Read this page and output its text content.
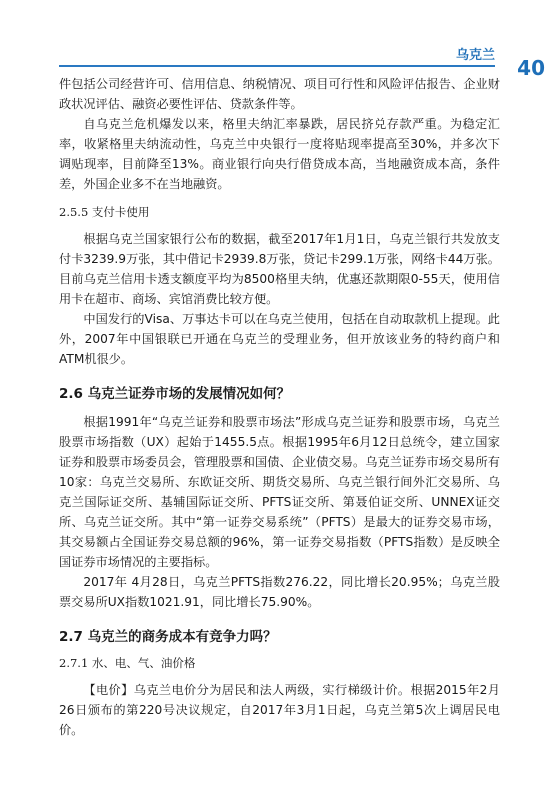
乌克兰
40

件包括公司经营许可、信用信息、纳税情况、项目可行性和风险评估报告、企业财政状况评估、融资必要性评估、贷款条件等。

自乌克兰危机爆发以来，格里夫纳汇率暴跌，居民挤兑存款严重。为稳定汇率，收紧格里夫纳流动性，乌克兰中央银行一度将贴现率提高至30%，并多次下调贴现率，目前降至13%。商业银行向央行借贷成本高，当地融资成本高，条件差，外国企业多不在当地融资。

2.5.5 支付卡使用

根据乌克兰国家银行公布的数据，截至2017年1月1日，乌克兰银行共发放支付卡3239.9万张，其中借记卡2939.8万张，贷记卡299.1万张，网络卡44万张。目前乌克兰信用卡透支额度平均为8500格里夫纳，优惠还款期限0-55天，使用信用卡在超市、商场、宾馆消费比较方便。

中国发行的Visa、万事达卡可以在乌克兰使用，包括在自动取款机上提现。此外，2007年中国银联已开通在乌克兰的受理业务，但开放该业务的特约商户和ATM机很少。

2.6 乌克兰证券市场的发展情况如何？

根据1991年“乌克兰证券和股票市场法”形成乌克兰证券和股票市场，乌克兰股票市场指数（UX）起始于1455.5点。根据1995年6月12日总统令，建立国家证券和股票市场委员会，管理股票和国债、企业债交易。乌克兰证券市场交易所有10家：乌克兰交易所、东欧证交所、期货交易所、乌克兰银行间外汇交易所、乌克兰国际证交所、基辅国际证交所、PFTS证交所、第聂伯证交所、UNNEX证交所、乌克兰证交所。其中“第一证券交易系统”（PFTS）是最大的证券交易市场，其交易额占全国证券交易总额的96%，第一证券交易指数（PFTS指数）是反映全国证券市场情况的主要指标。

2017年 4月28日，乌克兰PFTS指数276.22，同比增长20.95%；乌克兰股票交易所UX指数1021.91，同比增长75.90%。

2.7 乌克兰的商务成本有竞争力吗？
2.7.1 水、电、气、油价格

【电价】乌克兰电价分为居民和法人两级，实行梯级计价。根据2015年2月26日颁布的第220号决议规定，自2017年3月1日起，乌克兰第5次上调居民电价。
